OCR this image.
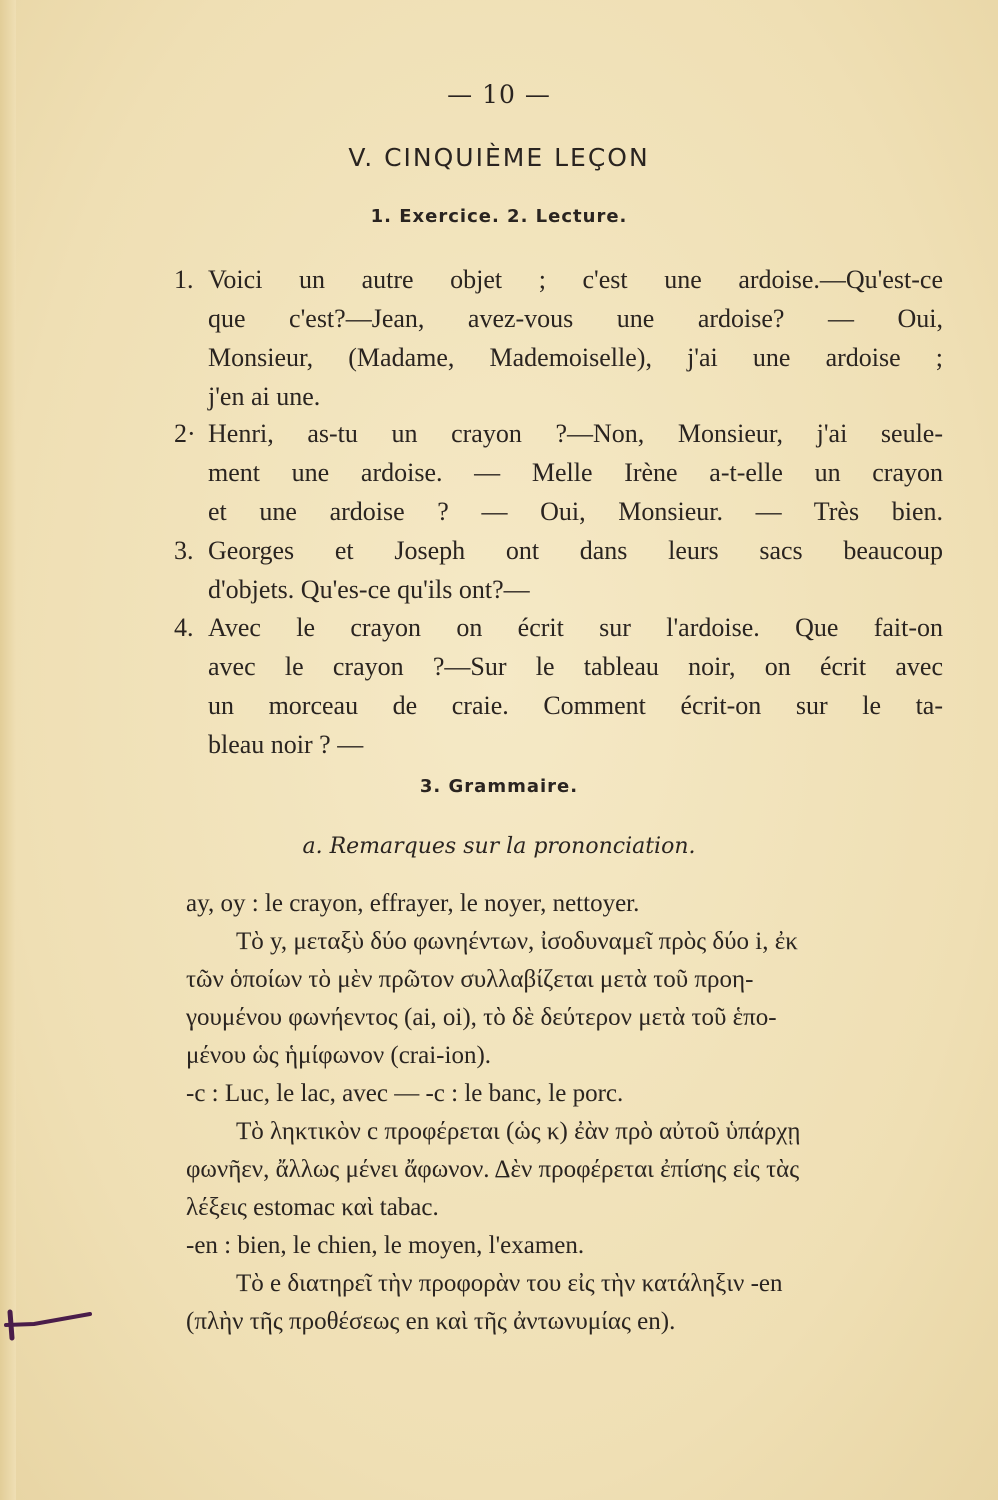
— 10 —
V. CINQUIÈME LEÇON
1. Exercice. 2. Lecture.
1. Voici un autre objet ; c'est une ardoise.—Qu'est-ce
que c'est?—Jean, avez-vous une ardoise? — Oui,
Monsieur, (Madame, Mademoiselle), j'ai une ardoise ;
j'en ai une.
2· Henri, as-tu un crayon ?—Non, Monsieur, j'ai seule-
ment une ardoise. — Melle Irène a-t-elle un crayon
et une ardoise ? — Oui, Monsieur. — Très bien.
3. Georges et Joseph ont dans leurs sacs beaucoup
d'objets. Qu'es-ce qu'ils ont?—
4. Avec le crayon on écrit sur l'ardoise. Que fait-on
avec le crayon ?—Sur le tableau noir, on écrit avec
un morceau de craie. Comment écrit-on sur le ta-
bleau noir ? —
3. Grammaire.
a. Remarques sur la prononciation.
ay, oy : le crayon, effrayer, le noyer, nettoyer.
Τὸ y, μεταξὺ δύο φωνηέντων, ἰσοδυναμεῖ πρὸς δύο i, ἐκ
τῶν ὁποίων τὸ μὲν πρῶτον συλλαβίζεται μετὰ τοῦ προη-
γουμένου φωνήεντος (ai, oi), τὸ δὲ δεύτερον μετὰ τοῦ ἑπο-
μένου ὡς ἡμίφωνον (crai-ion).
-c : Luc, le lac, avec — -c : le banc, le porc.
Τὸ ληκτικὸν c προφέρεται (ὡς κ) ἐὰν πρὸ αὐτοῦ ὑπάρχῃ
φωνῆεν, ἄλλως μένει ἄφωνον. Δὲν προφέρεται ἐπίσης εἰς τὰς
λέξεις estomac καὶ tabac.
-en : bien, le chien, le moyen, l'examen.
Τὸ e διατηρεῖ τὴν προφορὰν του εἰς τὴν κατάληξιν -en
(πλὴν τῆς προθέσεως en καὶ τῆς ἀντωνυμίας en).
